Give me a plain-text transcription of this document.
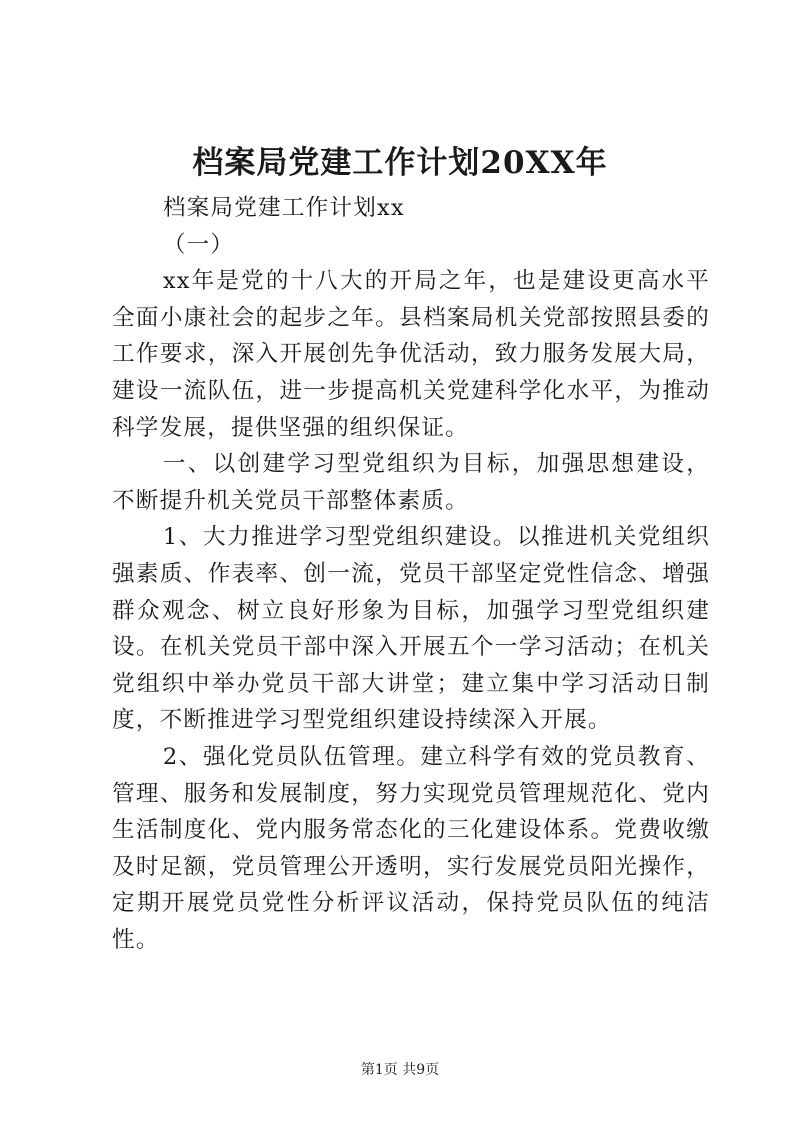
档案局党建工作计划20XX年

档案局党建工作计划xx

（一）

xx年是党的十八大的开局之年，也是建设更高水平全面小康社会的起步之年。县档案局机关党部按照县委的工作要求，深入开展创先争优活动，致力服务发展大局，建设一流队伍，进一步提高机关党建科学化水平，为推动科学发展，提供坚强的组织保证。

一、以创建学习型党组织为目标，加强思想建设，不断提升机关党员干部整体素质。

1、大力推进学习型党组织建设。以推进机关党组织强素质、作表率、创一流，党员干部坚定党性信念、增强群众观念、树立良好形象为目标，加强学习型党组织建设。在机关党员干部中深入开展五个一学习活动；在机关党组织中举办党员干部大讲堂；建立集中学习活动日制度，不断推进学习型党组织建设持续深入开展。

2、强化党员队伍管理。建立科学有效的党员教育、管理、服务和发展制度，努力实现党员管理规范化、党内生活制度化、党内服务常态化的三化建设体系。党费收缴及时足额，党员管理公开透明，实行发展党员阳光操作，定期开展党员党性分析评议活动，保持党员队伍的纯洁性。

第1页 共9页
